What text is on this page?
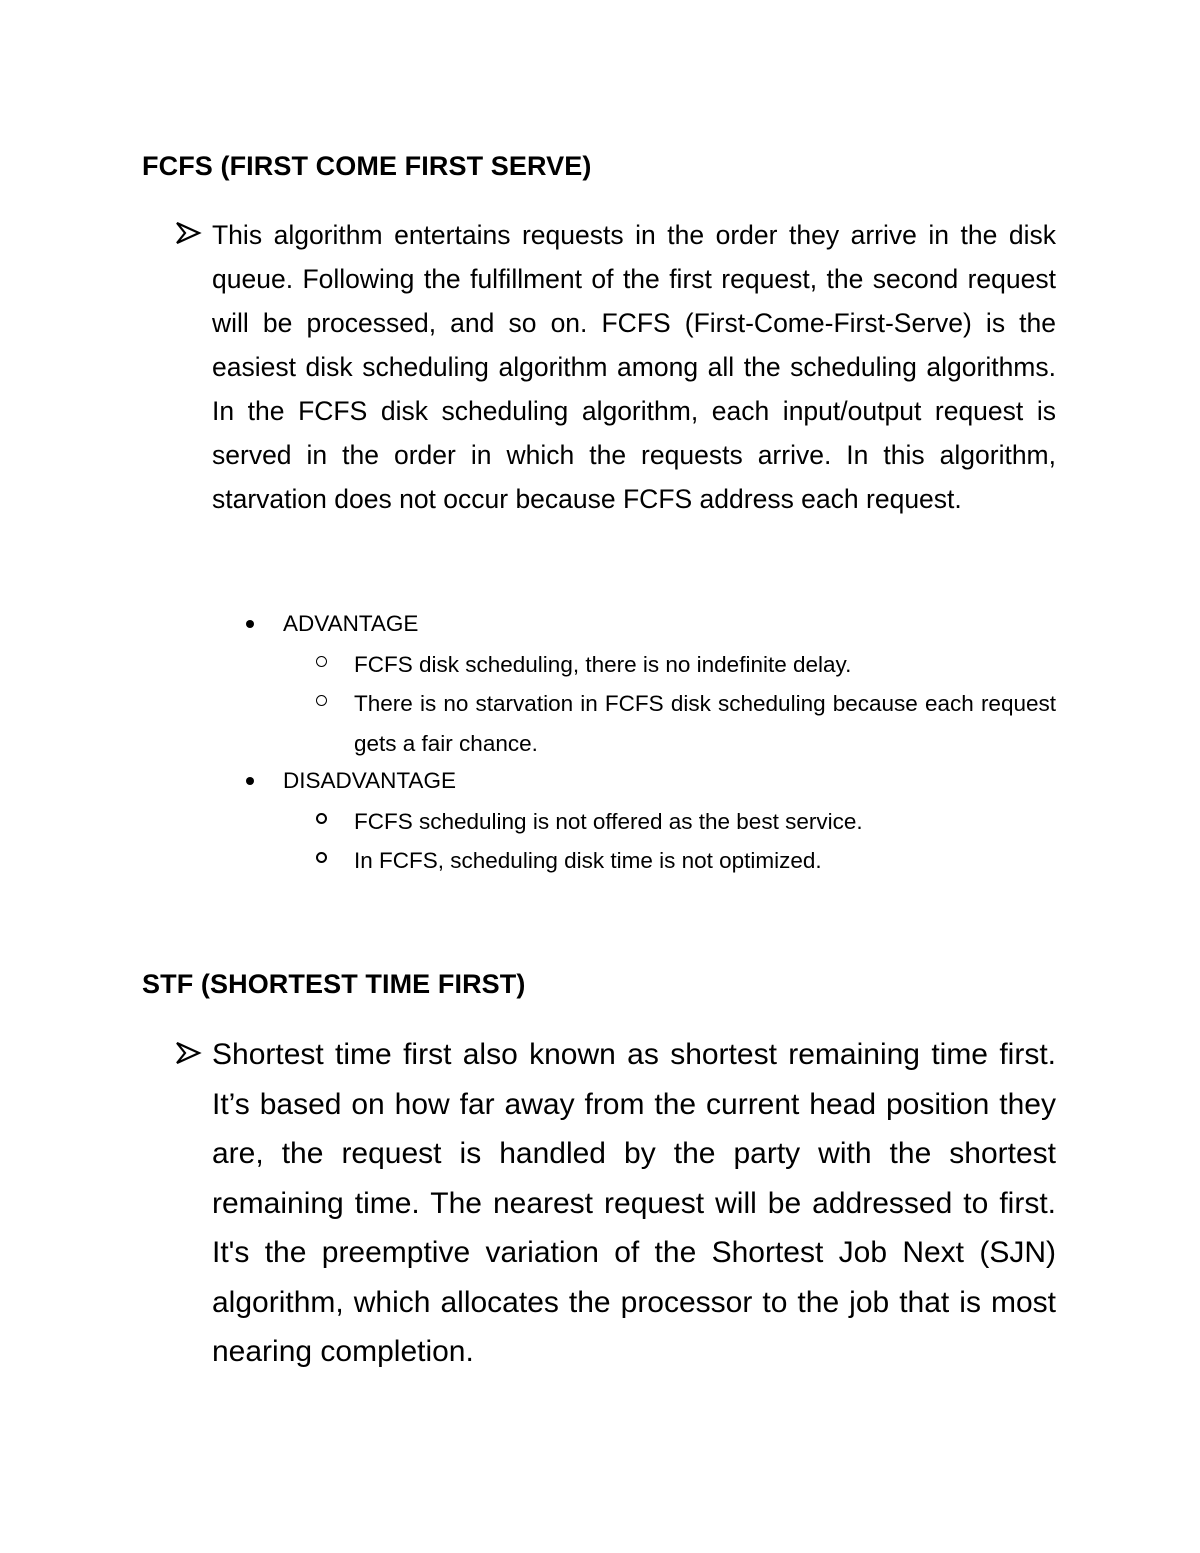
FCFS (FIRST COME FIRST SERVE)

This algorithm entertains requests in the order they arrive in the disk queue. Following the fulfillment of the first request, the second request will be processed, and so on. FCFS (First-Come-First-Serve) is the easiest disk scheduling algorithm among all the scheduling algorithms. In the FCFS disk scheduling algorithm, each input/output request is served in the order in which the requests arrive. In this algorithm, starvation does not occur because FCFS address each request.

ADVANTAGE
FCFS disk scheduling, there is no indefinite delay.
There is no starvation in FCFS disk scheduling because each request gets a fair chance.
DISADVANTAGE
FCFS scheduling is not offered as the best service.
In FCFS, scheduling disk time is not optimized.
STF (SHORTEST TIME FIRST)

Shortest time first also known as shortest remaining time first. It’s based on how far away from the current head position they are, the request is handled by the party with the shortest remaining time. The nearest request will be addressed to first. It's the preemptive variation of the Shortest Job Next (SJN) algorithm, which allocates the processor to the job that is most nearing completion.
